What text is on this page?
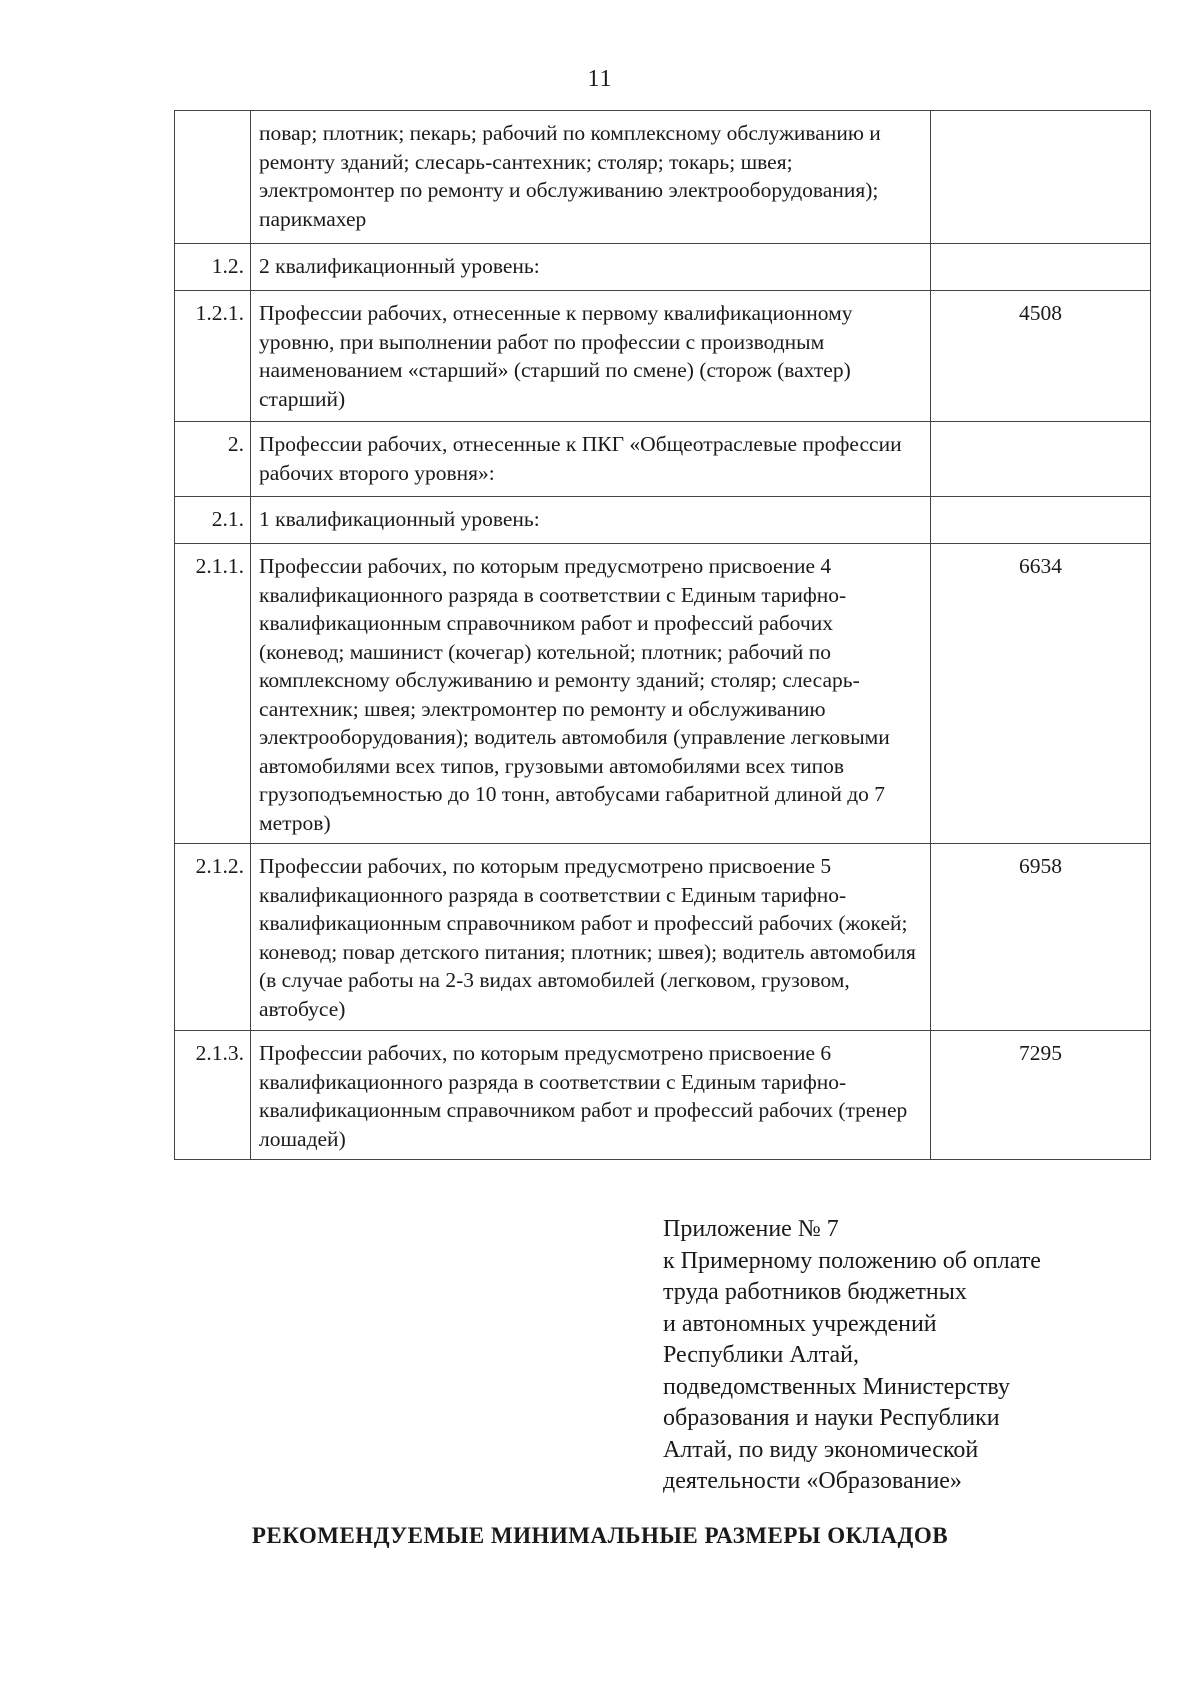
11
	повар; плотник; пекарь; рабочий по комплексному обслуживанию и ремонту зданий; слесарь-сантехник; столяр; токарь; швея; электромонтер по ремонту и обслуживанию электрооборудования); парикмахер	
1.2.	2 квалификационный уровень:	
1.2.1.	Профессии рабочих, отнесенные к первому квалификационному уровню, при выполнении работ по профессии с производным наименованием «старший» (старший по смене) (сторож (вахтер) старший)	4508
2.	Профессии рабочих, отнесенные к ПКГ «Общеотраслевые профессии рабочих второго уровня»:	
2.1.	1 квалификационный уровень:	
2.1.1.	Профессии рабочих, по которым предусмотрено присвоение 4 квалификационного разряда в соответствии с Единым тарифно-квалификационным справочником работ и профессий рабочих (коневод; машинист (кочегар) котельной; плотник; рабочий по комплексному обслуживанию и ремонту зданий; столяр; слесарь-сантехник; швея; электромонтер по ремонту и обслуживанию электрооборудования); водитель автомобиля (управление легковыми автомобилями всех типов, грузовыми автомобилями всех типов грузоподъемностью до 10 тонн, автобусами габаритной длиной до 7 метров)	6634
2.1.2.	Профессии рабочих, по которым предусмотрено присвоение 5 квалификационного разряда в соответствии с Единым тарифно-квалификационным справочником работ и профессий рабочих (жокей; коневод; повар детского питания; плотник; швея); водитель автомобиля (в случае работы на 2-3 видах автомобилей (легковом, грузовом, автобусе)	6958
2.1.3.	Профессии рабочих, по которым предусмотрено присвоение 6 квалификационного разряда в соответствии с Единым тарифно-квалификационным справочником работ и профессий рабочих (тренер лошадей)	7295
Приложение № 7
к Примерному положению об оплате
труда работников бюджетных
и автономных учреждений
Республики Алтай,
подведомственных Министерству
образования и науки Республики
Алтай, по виду экономической
деятельности «Образование»
РЕКОМЕНДУЕМЫЕ МИНИМАЛЬНЫЕ РАЗМЕРЫ ОКЛАДОВ
